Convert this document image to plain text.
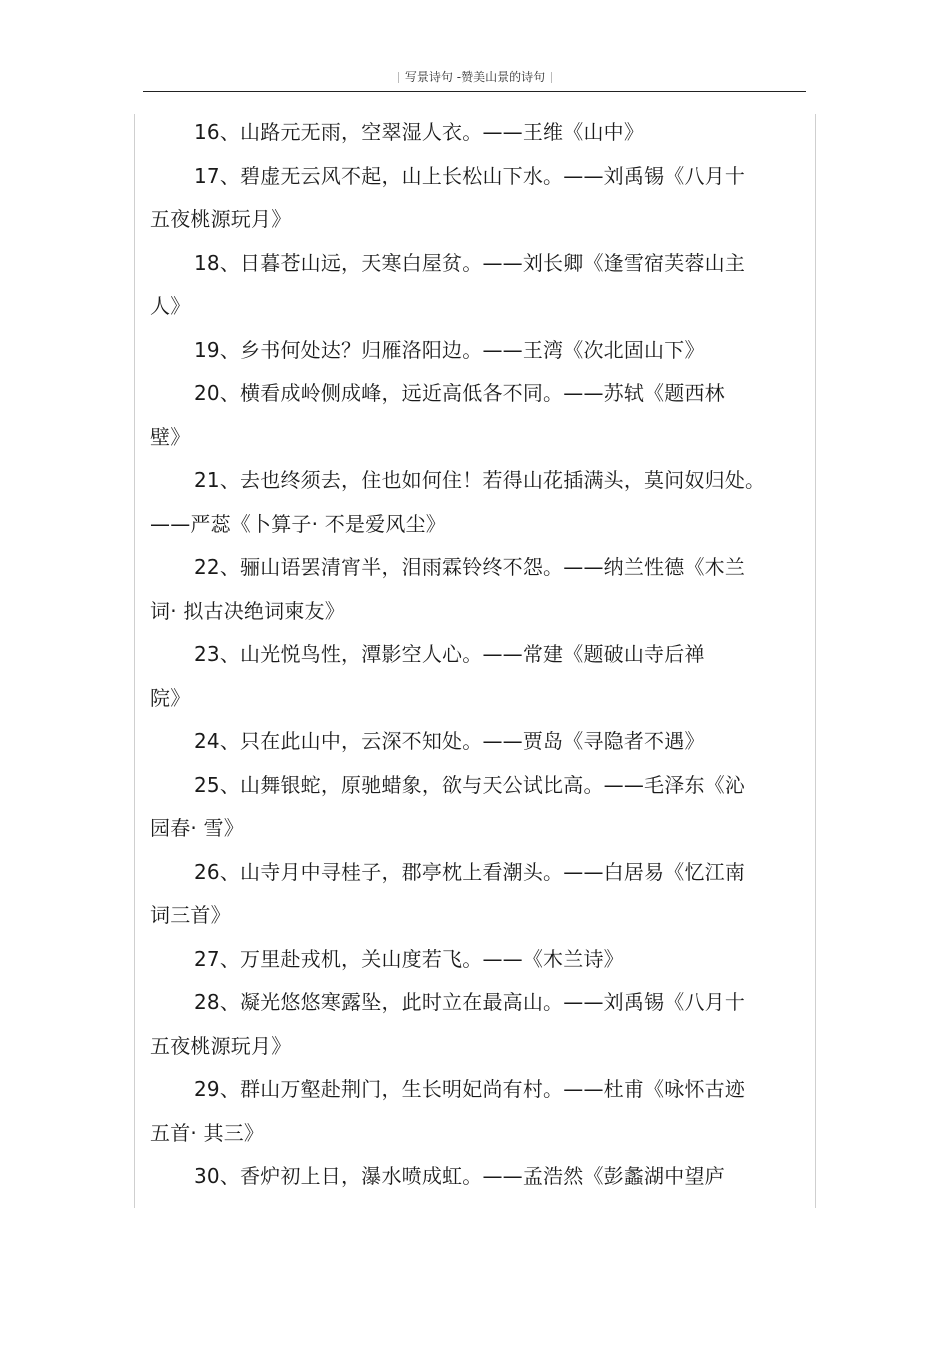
写景诗句 -赞美山景的诗句
16、山路元无雨，空翠湿人衣。——王维《山中》
17、碧虚无云风不起，山上长松山下水。——刘禹锡《八月十
五夜桃源玩月》
18、日暮苍山远，天寒白屋贫。——刘长卿《逢雪宿芙蓉山主
人》
19、乡书何处达？归雁洛阳边。——王湾《次北固山下》
20、横看成岭侧成峰，远近高低各不同。——苏轼《题西林
壁》
21、去也终须去，住也如何住！若得山花插满头，莫问奴归处。
——严蕊《卜算子· 不是爱风尘》
22、骊山语罢清宵半，泪雨霖铃终不怨。——纳兰性德《木兰
词· 拟古决绝词柬友》
23、山光悦鸟性，潭影空人心。——常建《题破山寺后禅
院》
24、只在此山中，云深不知处。——贾岛《寻隐者不遇》
25、山舞银蛇，原驰蜡象，欲与天公试比高。——毛泽东《沁
园春· 雪》
26、山寺月中寻桂子，郡亭枕上看潮头。——白居易《忆江南
词三首》
27、万里赴戎机，关山度若飞。——《木兰诗》
28、凝光悠悠寒露坠，此时立在最高山。——刘禹锡《八月十
五夜桃源玩月》
29、群山万壑赴荆门，生长明妃尚有村。——杜甫《咏怀古迹
五首· 其三》
30、香炉初上日，瀑水喷成虹。——孟浩然《彭蠡湖中望庐
